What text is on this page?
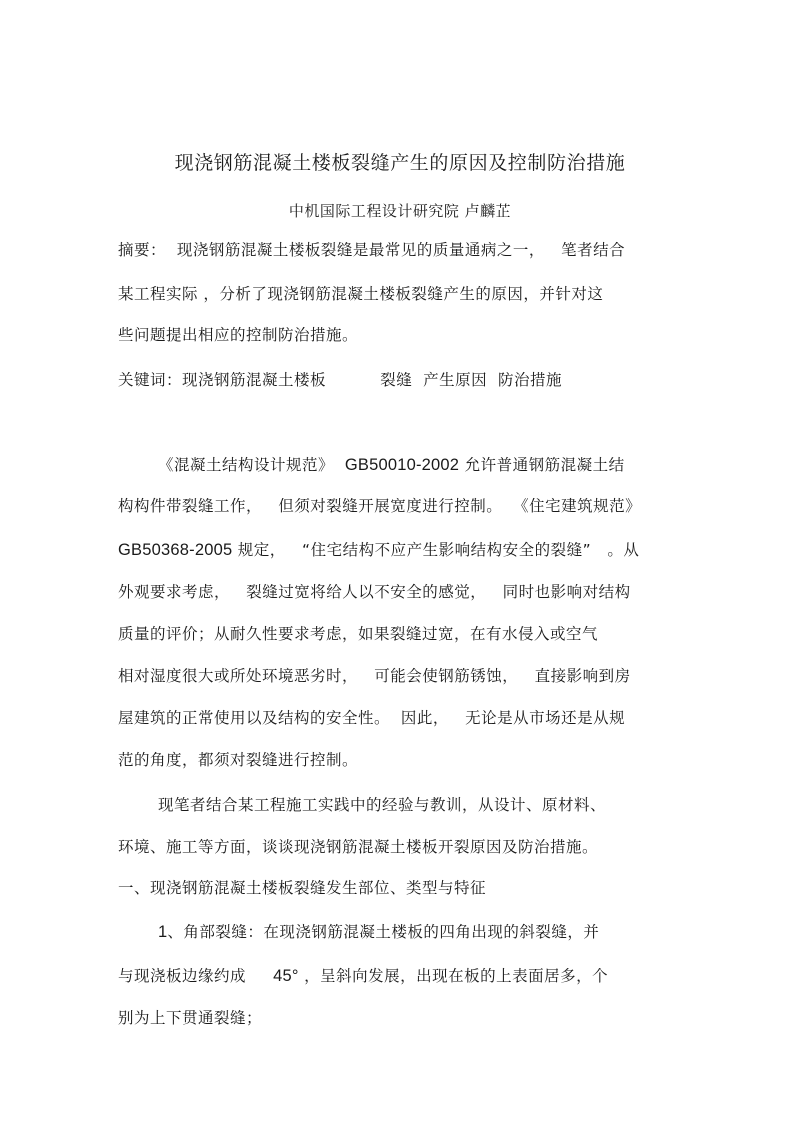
现浇钢筋混凝土楼板裂缝产生的原因及控制防治措施
中机国际工程设计研究院 卢麟芷
摘要：  现浇钢筋混凝土楼板裂缝是最常见的质量通病之一，   笔者结合
某工程实际 ，分析了现浇钢筋混凝土楼板裂缝产生的原因，并针对这
些问题提出相应的控制防治措施。
关键词：现浇钢筋混凝土楼板          裂缝  产生原因  防治措施
《混凝土结构设计规范》  GB50010-2002 允许普通钢筋混凝土结
构构件带裂缝工作，   但须对裂缝开展宽度进行控制。  《住宅建筑规范》
GB50368-2005 规定，   “住宅结构不应产生影响结构安全的裂缝”   。从
外观要求考虑，   裂缝过宽将给人以不安全的感觉，   同时也影响对结构
质量的评价；从耐久性要求考虑，如果裂缝过宽，在有水侵入或空气
相对湿度很大或所处环境恶劣时，   可能会使钢筋锈蚀，   直接影响到房
屋建筑的正常使用以及结构的安全性。  因此，   无论是从市场还是从规
范的角度，都须对裂缝进行控制。
现笔者结合某工程施工实践中的经验与教训，从设计、原材料、
环境、施工等方面，谈谈现浇钢筋混凝土楼板开裂原因及防治措施。
一、现浇钢筋混凝土楼板裂缝发生部位、类型与特征
1、角部裂缝：在现浇钢筋混凝土楼板的四角出现的斜裂缝，并
与现浇板边缘约成     45° ，呈斜向发展，出现在板的上表面居多，个
别为上下贯通裂缝；
